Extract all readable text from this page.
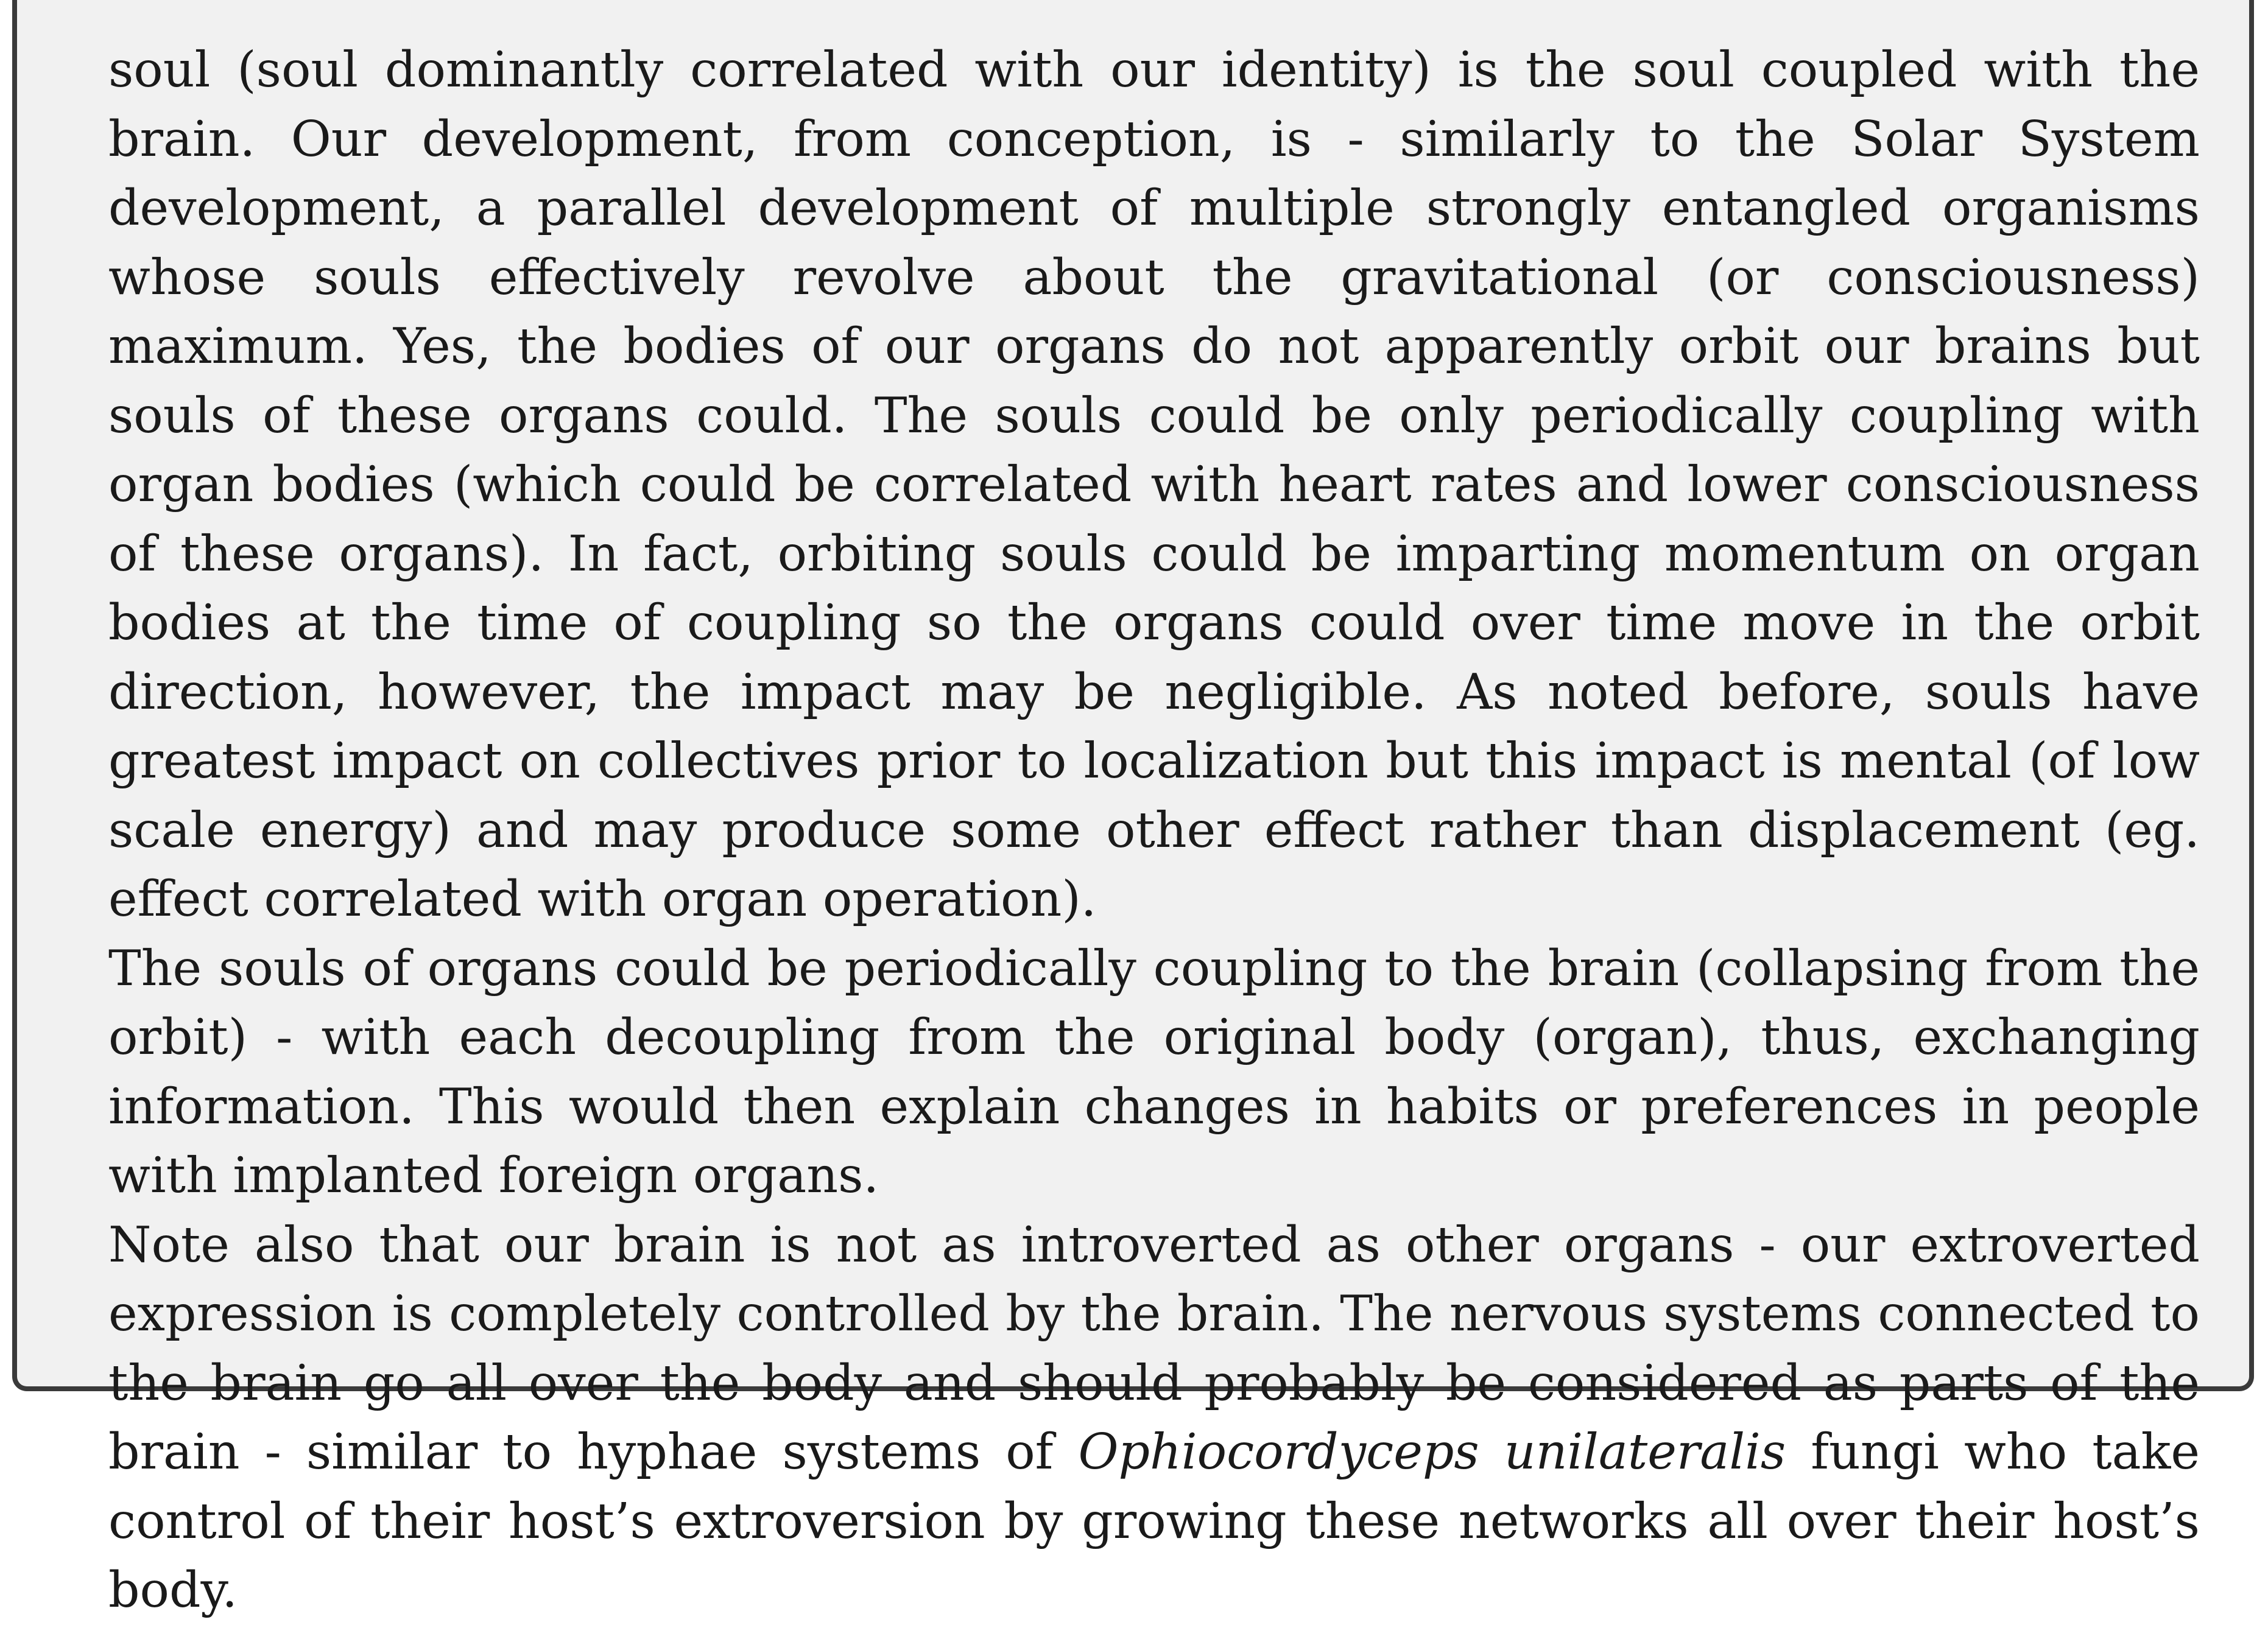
soul (soul dominantly correlated with our identity) is the soul coupled with the brain. Our development, from conception, is - similarly to the Solar System development, a parallel development of multiple strongly entangled organisms whose souls effectively revolve about the gravitational (or consciousness) maximum. Yes, the bodies of our organs do not apparently orbit our brains but souls of these organs could. The souls could be only periodically coupling with organ bodies (which could be correlated with heart rates and lower consciousness of these organs). In fact, orbiting souls could be imparting momentum on organ bodies at the time of coupling so the organs could over time move in the orbit direction, however, the impact may be negligible. As noted before, souls have greatest impact on collectives prior to localization but this impact is mental (of low scale energy) and may produce some other effect rather than displacement (eg. effect correlated with organ operation).

The souls of organs could be periodically coupling to the brain (collapsing from the orbit) - with each decoupling from the original body (organ), thus, exchanging information. This would then explain changes in habits or preferences in people with implanted foreign organs.

Note also that our brain is not as introverted as other organs - our extroverted expression is completely controlled by the brain. The nervous systems connected to the brain go all over the body and should probably be considered as parts of the brain - similar to hyphae systems of Ophiocordyceps unilateralis fungi who take control of their host’s extroversion by growing these networks all over their host’s body.
